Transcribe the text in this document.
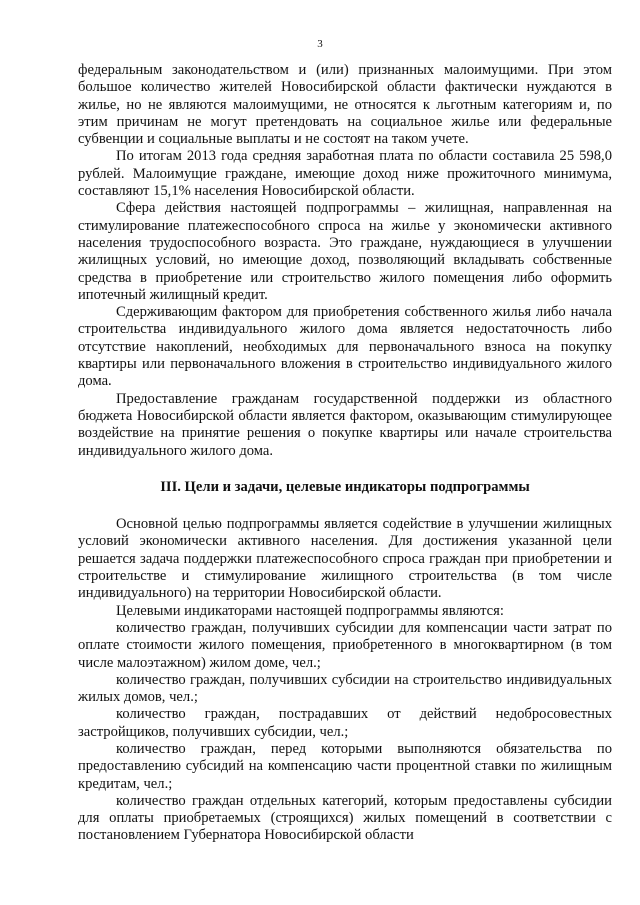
3

федеральным законодательством и (или) признанных малоимущими. При этом большое количество жителей Новосибирской области фактически нуждаются в жилье, но не являются малоимущими, не относятся к льготным категориям и, по этим причинам не могут претендовать на социальное жилье или федеральные субвенции и социальные выплаты и не состоят на таком учете.

По итогам 2013 года средняя заработная плата по области составила 25 598,0 рублей. Малоимущие граждане, имеющие доход ниже прожиточного минимума, составляют 15,1% населения Новосибирской области.

Сфера действия настоящей подпрограммы – жилищная, направленная на стимулирование платежеспособного спроса на жилье у экономически активного населения трудоспособного возраста. Это граждане, нуждающиеся в улучшении жилищных условий, но имеющие доход, позволяющий вкладывать собственные средства в приобретение или строительство жилого помещения либо оформить ипотечный жилищный кредит.

Сдерживающим фактором для приобретения собственного жилья либо начала строительства индивидуального жилого дома является недостаточность либо отсутствие накоплений, необходимых для первоначального взноса на покупку квартиры или первоначального вложения в строительство индивидуального жилого дома.

Предоставление гражданам государственной поддержки из областного бюджета Новосибирской области является фактором, оказывающим стимулирующее воздействие на принятие решения о покупке квартиры или начале строительства индивидуального жилого дома.

III. Цели и задачи, целевые индикаторы подпрограммы

Основной целью подпрограммы является содействие в улучшении жилищных условий экономически активного населения. Для достижения указанной цели решается задача поддержки платежеспособного спроса граждан при приобретении и строительстве и стимулирование жилищного строительства (в том числе индивидуального) на территории Новосибирской области.

Целевыми индикаторами настоящей подпрограммы являются:

количество граждан, получивших субсидии для компенсации части затрат по оплате стоимости жилого помещения, приобретенного в многоквартирном (в том числе малоэтажном) жилом доме, чел.;

количество граждан, получивших субсидии на строительство индивидуальных жилых домов, чел.;

количество граждан, пострадавших от действий недобросовестных застройщиков, получивших субсидии, чел.;

количество граждан, перед которыми выполняются обязательства по предоставлению субсидий на компенсацию части процентной ставки по жилищным кредитам, чел.;

количество граждан отдельных категорий, которым предоставлены субсидии для оплаты приобретаемых (строящихся) жилых помещений в соответствии с постановлением Губернатора Новосибирской области
